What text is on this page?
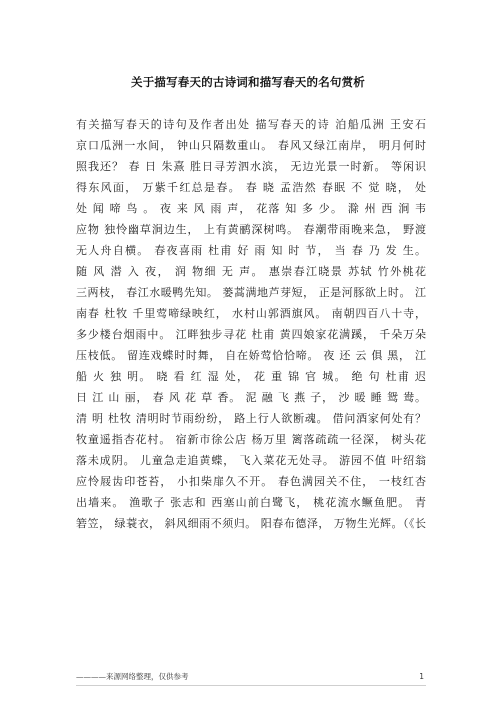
关于描写春天的古诗词和描写春天的名句赏析
有关描写春天的诗句及作者出处 描写春天的诗 泊船瓜洲 王安石
京口瓜洲一水间， 钟山只隔数重山。 春风又绿江南岸， 明月何时
照我还？ 春 日 朱熹 胜日寻芳泗水滨， 无边光景一时新。 等闲识
得东风面， 万紫千红总是春。 春 晓 孟浩然 春眠 不 觉 晓， 处
处 闻 啼 鸟 。 夜 来 风 雨 声， 花落 知 多 少。 滁 州 西 涧 韦
应物 独怜幽草涧边生， 上有黄鹂深树鸣。 春潮带雨晚来急， 野渡
无人舟自横。 春夜喜雨 杜甫 好 雨 知 时 节， 当 春 乃 发 生。
随 风 潜 入 夜， 润 物细 无 声。 惠崇春江晓景 苏轼 竹外桃花
三两枝， 春江水暖鸭先知。 蒌蒿满地芦芽短， 正是河豚欲上时。 江
南春 杜牧 千里莺啼绿映红， 水村山郭酒旗风。 南朝四百八十寺，
多少楼台烟雨中。 江畔独步寻花 杜甫 黄四娘家花满蹊， 千朵万朵
压枝低。 留连戏蝶时时舞， 自在娇莺恰恰啼。 夜 还 云 俱 黑， 江
船 火 独 明。 晓 看 红 湿 处， 花 重 锦 官 城。 绝 句 杜甫 迟
日 江 山 丽， 春 风 花 草 香。 泥 融 飞 燕 子， 沙 暖 睡 鸳 鸯。
清 明 杜牧 清明时节雨纷纷， 路上行人欲断魂。 借问酒家何处有？
牧童遥指杏花村。 宿新市徐公店 杨万里 篱落疏疏一径深， 树头花
落未成阴。 儿童急走追黄蝶， 飞入菜花无处寻。 游园不值 叶绍翁
应怜屐齿印苍苔， 小扣柴扉久不开。 春色满园关不住， 一枝红杏
出墙来。 渔歌子 张志和 西塞山前白鹭飞， 桃花流水鳜鱼肥。 青
箬笠， 绿蓑衣， 斜风细雨不须归。 阳春布德泽， 万物生光辉。（《长
————来源网络整理，仅供参考	1
